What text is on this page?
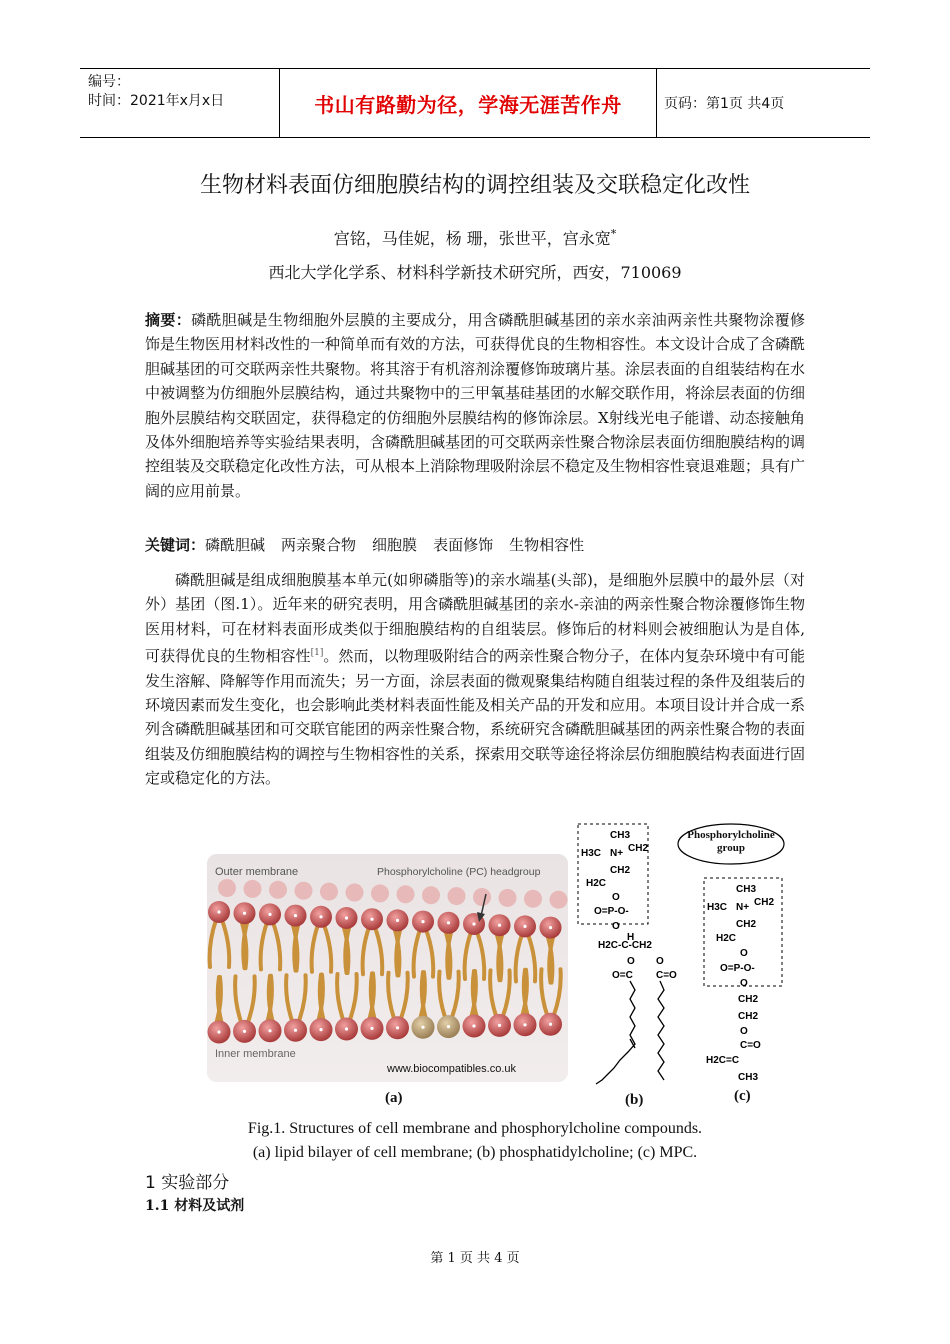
编号：
时间：2021年x月x日	书山有路勤为径，学海无涯苦作舟	页码：第1页 共4页
生物材料表面仿细胞膜结构的调控组装及交联稳定化改性
宫铭，马佳妮，杨 珊，张世平，宫永宽*
西北大学化学系、材料科学新技术研究所，西安，710069
摘要：磷酰胆碱是生物细胞外层膜的主要成分，用含磷酰胆碱基团的亲水亲油两亲性共聚物涂覆修饰是生物医用材料改性的一种简单而有效的方法，可获得优良的生物相容性。本文设计合成了含磷酰胆碱基团的可交联两亲性共聚物。将其溶于有机溶剂涂覆修饰玻璃片基。涂层表面的自组装结构在水中被调整为仿细胞外层膜结构，通过共聚物中的三甲氧基硅基团的水解交联作用，将涂层表面的仿细胞外层膜结构交联固定，获得稳定的仿细胞外层膜结构的修饰涂层。X射线光电子能谱、动态接触角及体外细胞培养等实验结果表明，含磷酰胆碱基团的可交联两亲性聚合物涂层表面仿细胞膜结构的调控组装及交联稳定化改性方法，可从根本上消除物理吸附涂层不稳定及生物相容性衰退难题；具有广阔的应用前景。
关键词：磷酰胆碱 两亲聚合物 细胞膜 表面修饰 生物相容性
磷酰胆碱是组成细胞膜基本单元(如卵磷脂等)的亲水端基(头部)，是细胞外层膜中的最外层（对外）基团（图.1）。近年来的研究表明，用含磷酰胆碱基团的亲水-亲油的两亲性聚合物涂覆修饰生物医用材料，可在材料表面形成类似于细胞膜结构的自组装层。修饰后的材料则会被细胞认为是自体,可获得优良的生物相容性[1]。然而，以物理吸附结合的两亲性聚合物分子，在体内复杂环境中有可能发生溶解、降解等作用而流失；另一方面，涂层表面的微观聚集结构随自组装过程的条件及组装后的环境因素而发生变化，也会影响此类材料表面性能及相关产品的开发和应用。本项目设计并合成一系列含磷酰胆碱基团和可交联官能团的两亲性聚合物，系统研究含磷酰胆碱基团的两亲性聚合物的表面组装及仿细胞膜结构的调控与生物相容性的关系，探索用交联等途径将涂层仿细胞膜结构表面进行固定或稳定化的方法。
Outer membrane	Phosphorylcholine (PC) headgroup
Inner membrane
www.biocompatibles.co.uk
(a)
CH3
H3C N+ CH2
CH2
H2C
O
O=P-O-
O
H
H2C-C-CH2
O O
O=C C=O
(b)
Phosphorylcholine group
CH3
H3C N+ CH2
CH2
H2C
O
O=P-O-
O
CH2
CH2
O
C=O
H2C=C
CH3
(c)
Fig.1. Structures of cell membrane and phosphorylcholine compounds.
(a) lipid bilayer of cell membrane; (b) phosphatidylcholine; (c) MPC.
1 实验部分
1.1 材料及试剂
第 1 页 共 4 页
